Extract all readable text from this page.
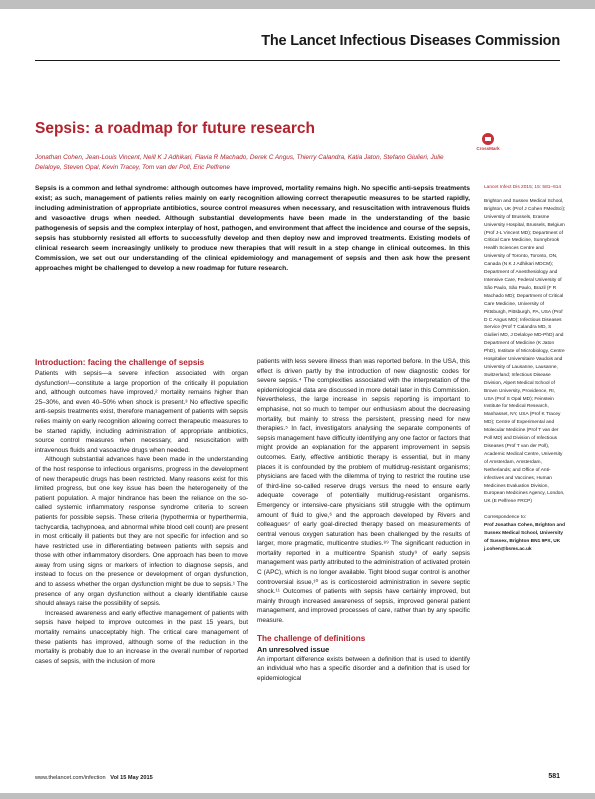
The Lancet Infectious Diseases Commission
Sepsis: a roadmap for future research
CrossMark
Jonathan Cohen, Jean-Louis Vincent, Neill K J Adhikari, Flavia R Machado, Derek C Angus, Thierry Calandra, Katia Jaton, Stefano Giulieri, Julie Delaloye, Steven Opal, Kevin Tracey, Tom van der Poll, Eric Pelfrene
Sepsis is a common and lethal syndrome: although outcomes have improved, mortality remains high. No specific anti-sepsis treatments exist; as such, management of patients relies mainly on early recognition allowing correct therapeutic measures to be started rapidly, including administration of appropriate antibiotics, source control measures when necessary, and resuscitation with intravenous fluids and vasoactive drugs when needed. Although substantial developments have been made in the understanding of the basic pathogenesis of sepsis and the complex interplay of host, pathogen, and environment that affect the incidence and course of the sepsis, sepsis has stubbornly resisted all efforts to successfully develop and then deploy new and improved treatments. Existing models of clinical research seem increasingly unlikely to produce new therapies that will result in a step change in clinical outcomes. In this Commission, we set out our understanding of the clinical epidemiology and management of sepsis and then ask how the present approaches might be challenged to develop a new roadmap for future research.
Lancet Infect Dis 2015; 15: 581–614
Brighton and Sussex Medical School, Brighton, UK (Prof J Cohen FMedSci); University of Brussels, Erasme University Hospital, Brussels, Belgium (Prof J-L Vincent MD); Department of Critical Care Medicine, Sunnybrook Health Sciences Centre and University of Toronto, Toronto, ON, Canada (N K J Adhikari MDCM); Department of Anesthesiology and Intensive Care, Federal University of São Paulo, São Paulo, Brazil (F R Machado MD); Department of Critical Care Medicine, University of Pittsburgh, Pittsburgh, PA, USA (Prof D C Angus MD); Infectious Diseases Service (Prof T Calandra MD, S Giulieri MD, J Delaloye MD-PhD) and Department of Medicine (K Jaton PhD), Institute of Microbiology, Centre Hospitalier Universitaire Vaudois and University of Lausanne, Lausanne, Switzerland; Infectious Disease Division, Alpert Medical School of Brown University, Providence, RI, USA (Prof S Opal MD); Feinstein Institute for Medical Research, Manhasset, NY, USA (Prof K Tracey MD); Centre of Experimental and Molecular Medicine (Prof T van der Poll MD) and Division of Infectious Diseases (Prof T van der Poll), Academic Medical Centre, University of Amsterdam, Amsterdam, Netherlands; and Office of Anti-infectives and Vaccines, Human Medicines Evaluation Division, European Medicines Agency, London, UK (E Pelfrene FRCP)
Correspondence to:
Prof Jonathan Cohen, Brighton and Sussex Medical School, University of Sussex, Brighton BN1 9PX, UK j.cohen@bsms.ac.uk
Introduction: facing the challenge of sepsis

Patients with sepsis—a severe infection associated with organ dysfunction¹—constitute a large proportion of the critically ill population and, although outcomes have improved,² mortality remains higher than 25–30%, and even 40–50% when shock is present.³ No effective specific anti-sepsis treatments exist, therefore management of patients with sepsis relies mainly on early recognition allowing correct therapeutic measures to be started rapidly, including administration of appropriate antibiotics, source control measures when necessary, and resuscitation with intravenous fluids and vasoactive drugs when needed.

Although substantial advances have been made in the understanding of the host response to infectious organisms, progress in the development of new therapeutic drugs has been restricted. Many reasons exist for this limited progress, but one key issue has been the heterogeneity of the patient population. A major hindrance has been the reliance on the so-called systemic inflammatory response syndrome criteria to screen patients for possible sepsis. These criteria (hypothermia or hyperthermia, tachycardia, tachypnoea, and abnormal white blood cell count) are present in most critically ill patients but they are not specific for infection and so have restricted use in differentiating between patients with sepsis and those with other inflammatory disorders. One approach has been to move away from using signs or markers of infection to diagnose sepsis, and instead to focus on the presence or development of organ dysfunction, and to assess whether the organ dysfunction might be due to sepsis.¹ The presence of any organ dysfunction without a clearly identifiable cause should always raise the possibility of sepsis.

Increased awareness and early effective management of patients with sepsis have helped to improve outcomes in the past 15 years, but mortality remains unacceptably high. The critical care management of these patients has improved, although some of the reduction in the mortality is probably due to an increase in the overall number of reported cases of sepsis, with the inclusion of more

patients with less severe illness than was reported before. In the USA, this effect is driven partly by the introduction of new diagnostic codes for severe sepsis.⁴ The complexities associated with the interpretation of the epidemiological data are discussed in more detail later in this Commission. Nevertheless, the large increase in sepsis reporting is important to emphasise, not so much to temper our enthusiasm about the decreasing mortality, but mainly to stress the persistent, pressing need for new therapies.⁵ In fact, investigators analysing the separate components of sepsis management have difficulty identifying any one factor or factors that might provide an explanation for the apparent improvement in sepsis outcomes. Early, effective antibiotic therapy is essential, but in many places it is confounded by the problem of multidrug-resistant organisms; physicians are faced with the dilemma of trying to restrict the routine use of third-line so-called reserve drugs versus the need to ensure early adequate coverage of potentially multidrug-resistant organisms. Emergency or intensive-care physicians still struggle with the optimum amount of fluid to give,⁶ and the approach developed by Rivers and colleagues⁷ of early goal-directed therapy based on measurements of central venous oxygen saturation has been challenged by the results of larger, more pragmatic, multicentre studies.⁸⁹ The significant reduction in mortality reported in a multicentre Spanish study⁹ of early sepsis management was partly attributed to the administration of activated protein C (APC), which is no longer available. Tight blood sugar control is another controversial issue,¹⁰ as is corticosteroid administration in severe septic shock.¹¹ Outcomes of patients with sepsis have certainly improved, but mainly through increased awareness of sepsis, improved general patient management, and improved processes of care, rather than by any specific measure.

The challenge of definitions
An unresolved issue

An important difference exists between a definition that is used to identify an individual who has a specific disorder and a definition that is used for epidemiological

www.thelancet.com/infection Vol 15 May 2015	581
